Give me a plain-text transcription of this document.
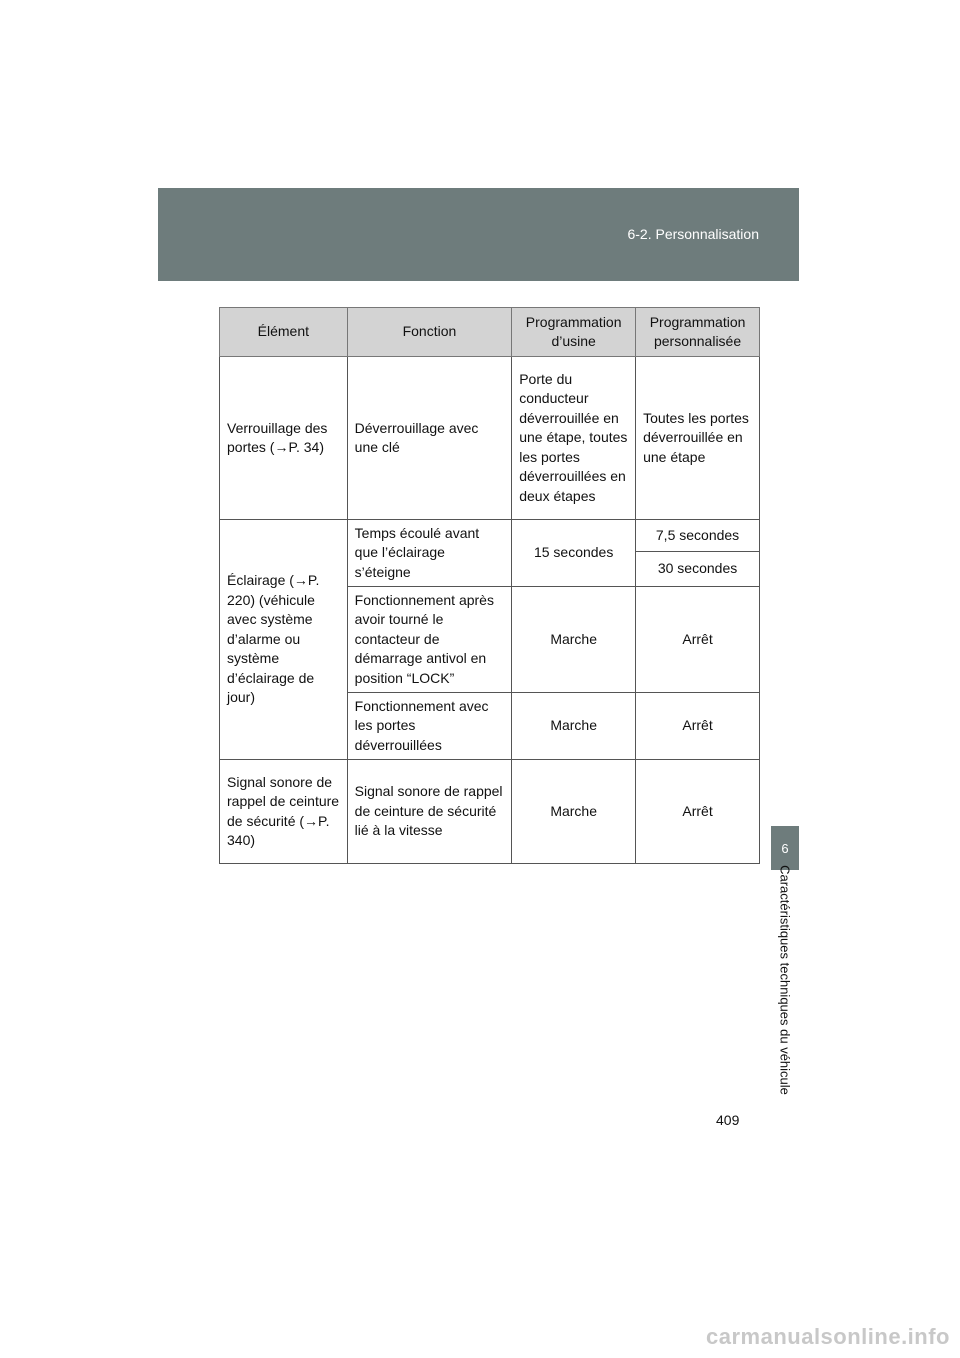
6-2. Personnalisation
Élément	Fonction	Programmation d’usine	Programmation personnalisée
Verrouillage des portes (→P. 34)	Déverrouillage avec une clé	Porte du conducteur déverrouillée en une étape, toutes les portes déverrouillées en deux étapes	Toutes les portes déverrouillée en une étape
Éclairage (→P. 220) (véhicule avec système d’alarme ou système d’éclairage de jour)	Temps écoulé avant que l’éclairage s’éteigne	15 secondes	7,5 secondes
			30 secondes
	Fonctionnement après avoir tourné le contacteur de démarrage antivol en position “LOCK”	Marche	Arrêt
	Fonctionnement avec les portes déverrouillées	Marche	Arrêt
Signal sonore de rappel de ceinture de sécurité (→P. 340)	Signal sonore de rappel de ceinture de sécurité lié à la vitesse	Marche	Arrêt
6
Caractéristiques techniques du véhicule
409
carmanualsonline.info
